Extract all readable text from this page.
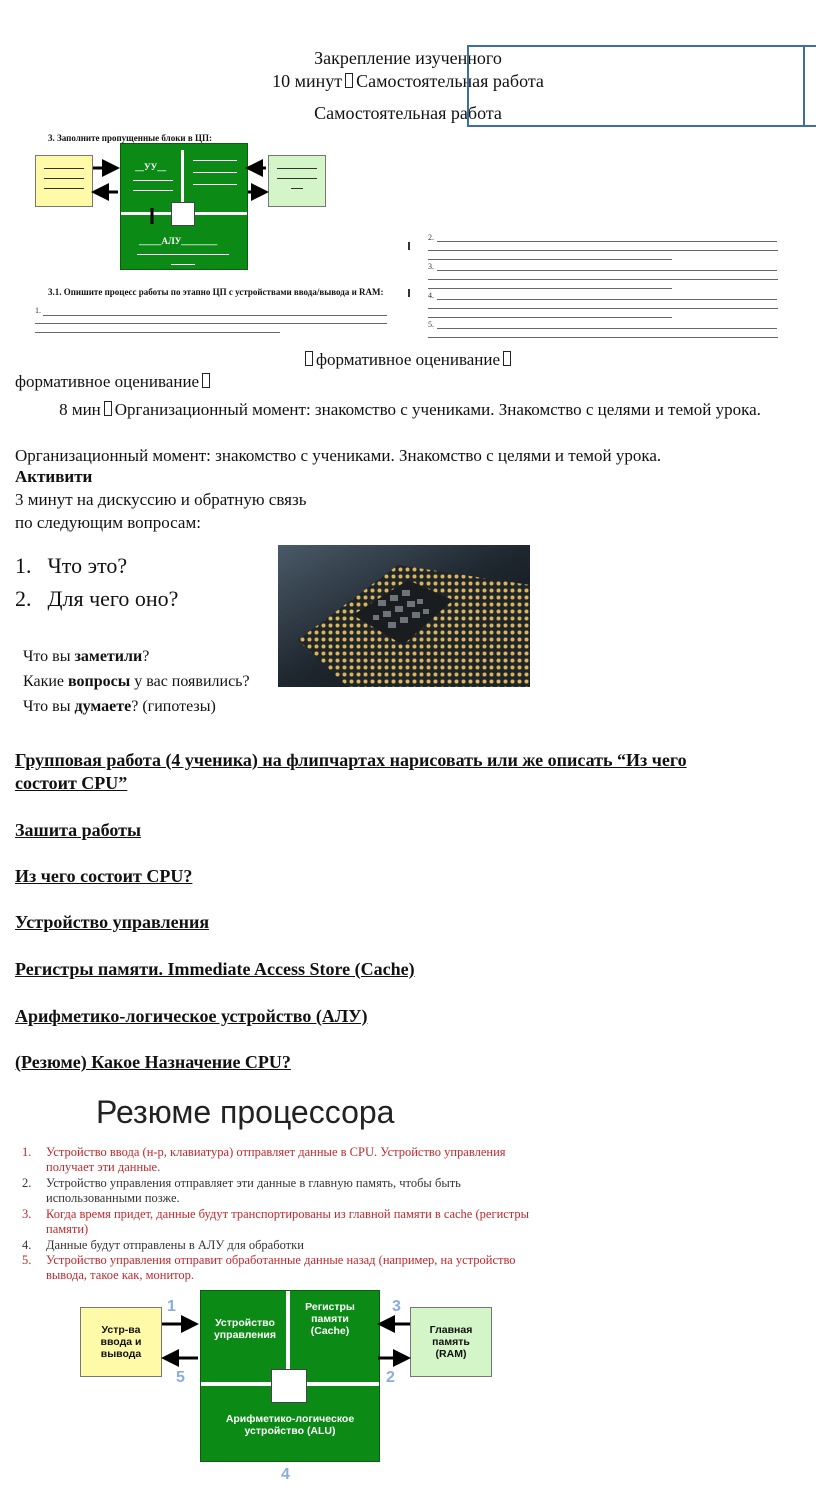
Закрепление изученного
10 минут Самостоятельная работа
Самостоятельная работа
3. Заполните пропущенные блоки в ЦП:
__УУ__
_____АЛУ________
3.1. Опишите процесс работы по этапно ЦП с устройствами ввода/вывода и RAM:
1.
2.
3.
4.
5.
формативное оценивание
формативное оценивание
8 мин Организационный момент: знакомство с учениками. Знакомство с целями и темой урока.
Организационный момент: знакомство с учениками. Знакомство с целями и темой урока.
Активити
3 минут на дискуссию и обратную связь
по следующим вопросам:
1. Что это?
2. Для чего оно?
Что вы заметили?
Какие вопросы у вас появились?
Что вы думаете? (гипотезы)
Групповая работа (4 ученика) на флипчартах нарисовать или же описать “Из чего
состоит CPU”
Зашита работы
Из чего состоит CPU?
Устройство управления
Регистры памяти. Immediate Access Store (Cache)
Арифметико-логическое устройство (АЛУ)
(Резюме) Какое Назначение CPU?
Резюме процессора
1.	Устройство ввода (н-р, клавиатура) отправляет данные в CPU. Устройство управления получает эти данные.
2.	Устройство управления отправляет эти данные в главную память, чтобы быть использованными позже.
3.	Когда время придет, данные будут транспортированы из главной памяти в cache (регистры памяти)
4.	Данные будут отправлены в АЛУ для обработки
5.	Устройство управления отправит обработанные данные назад (например, на устройство вывода, такое как, монитор.
Устр-ва ввода и вывода
Устройство управления
Регистры памяти (Cache)
Арифметико-логическое устройство (ALU)
Главная память (RAM)
1
5
3
2
4
